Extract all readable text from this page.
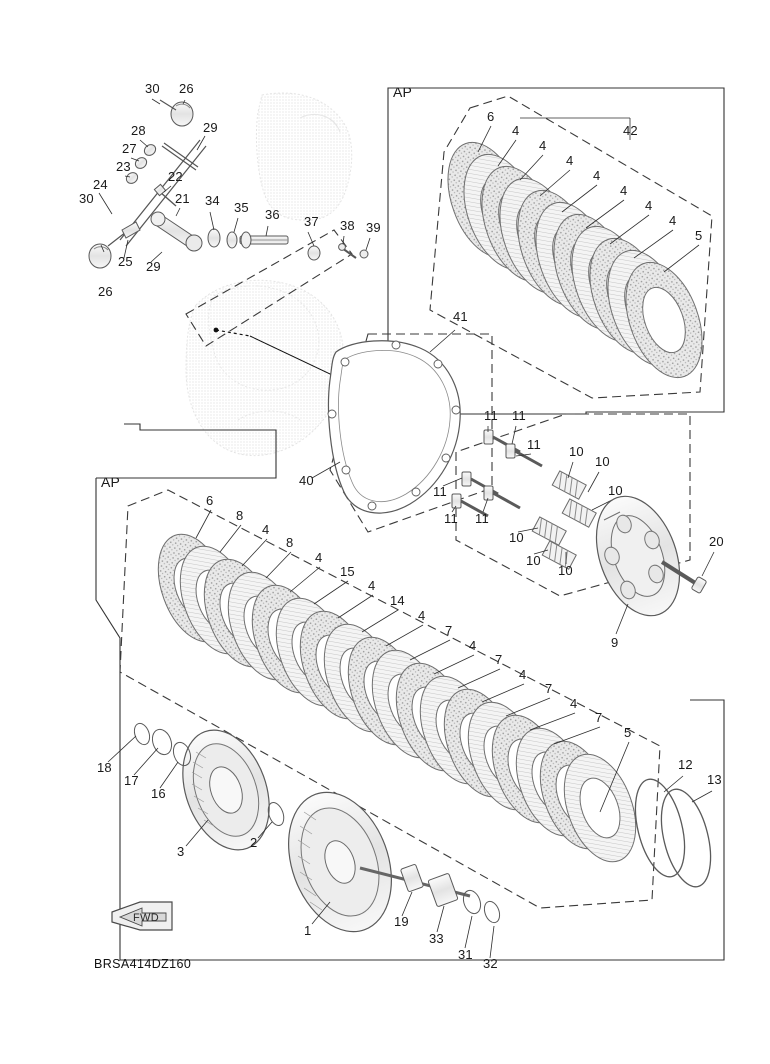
30 26
28	29
27
23
22
24
21 34 35 36
30
37 38 39
25 29
26
6
4	42
4
4
4
4
4
4
5
41
11 11
11 10
10
10
11
11 11
40
10
10
10
20
9
6
8
4
8
4
15
4
14
4
7
4
7
4
7
4
7
5
18
17
16
3
2
1
19
33
31
32
12
13
AP
AP
FWD
BRSA414DZ160
